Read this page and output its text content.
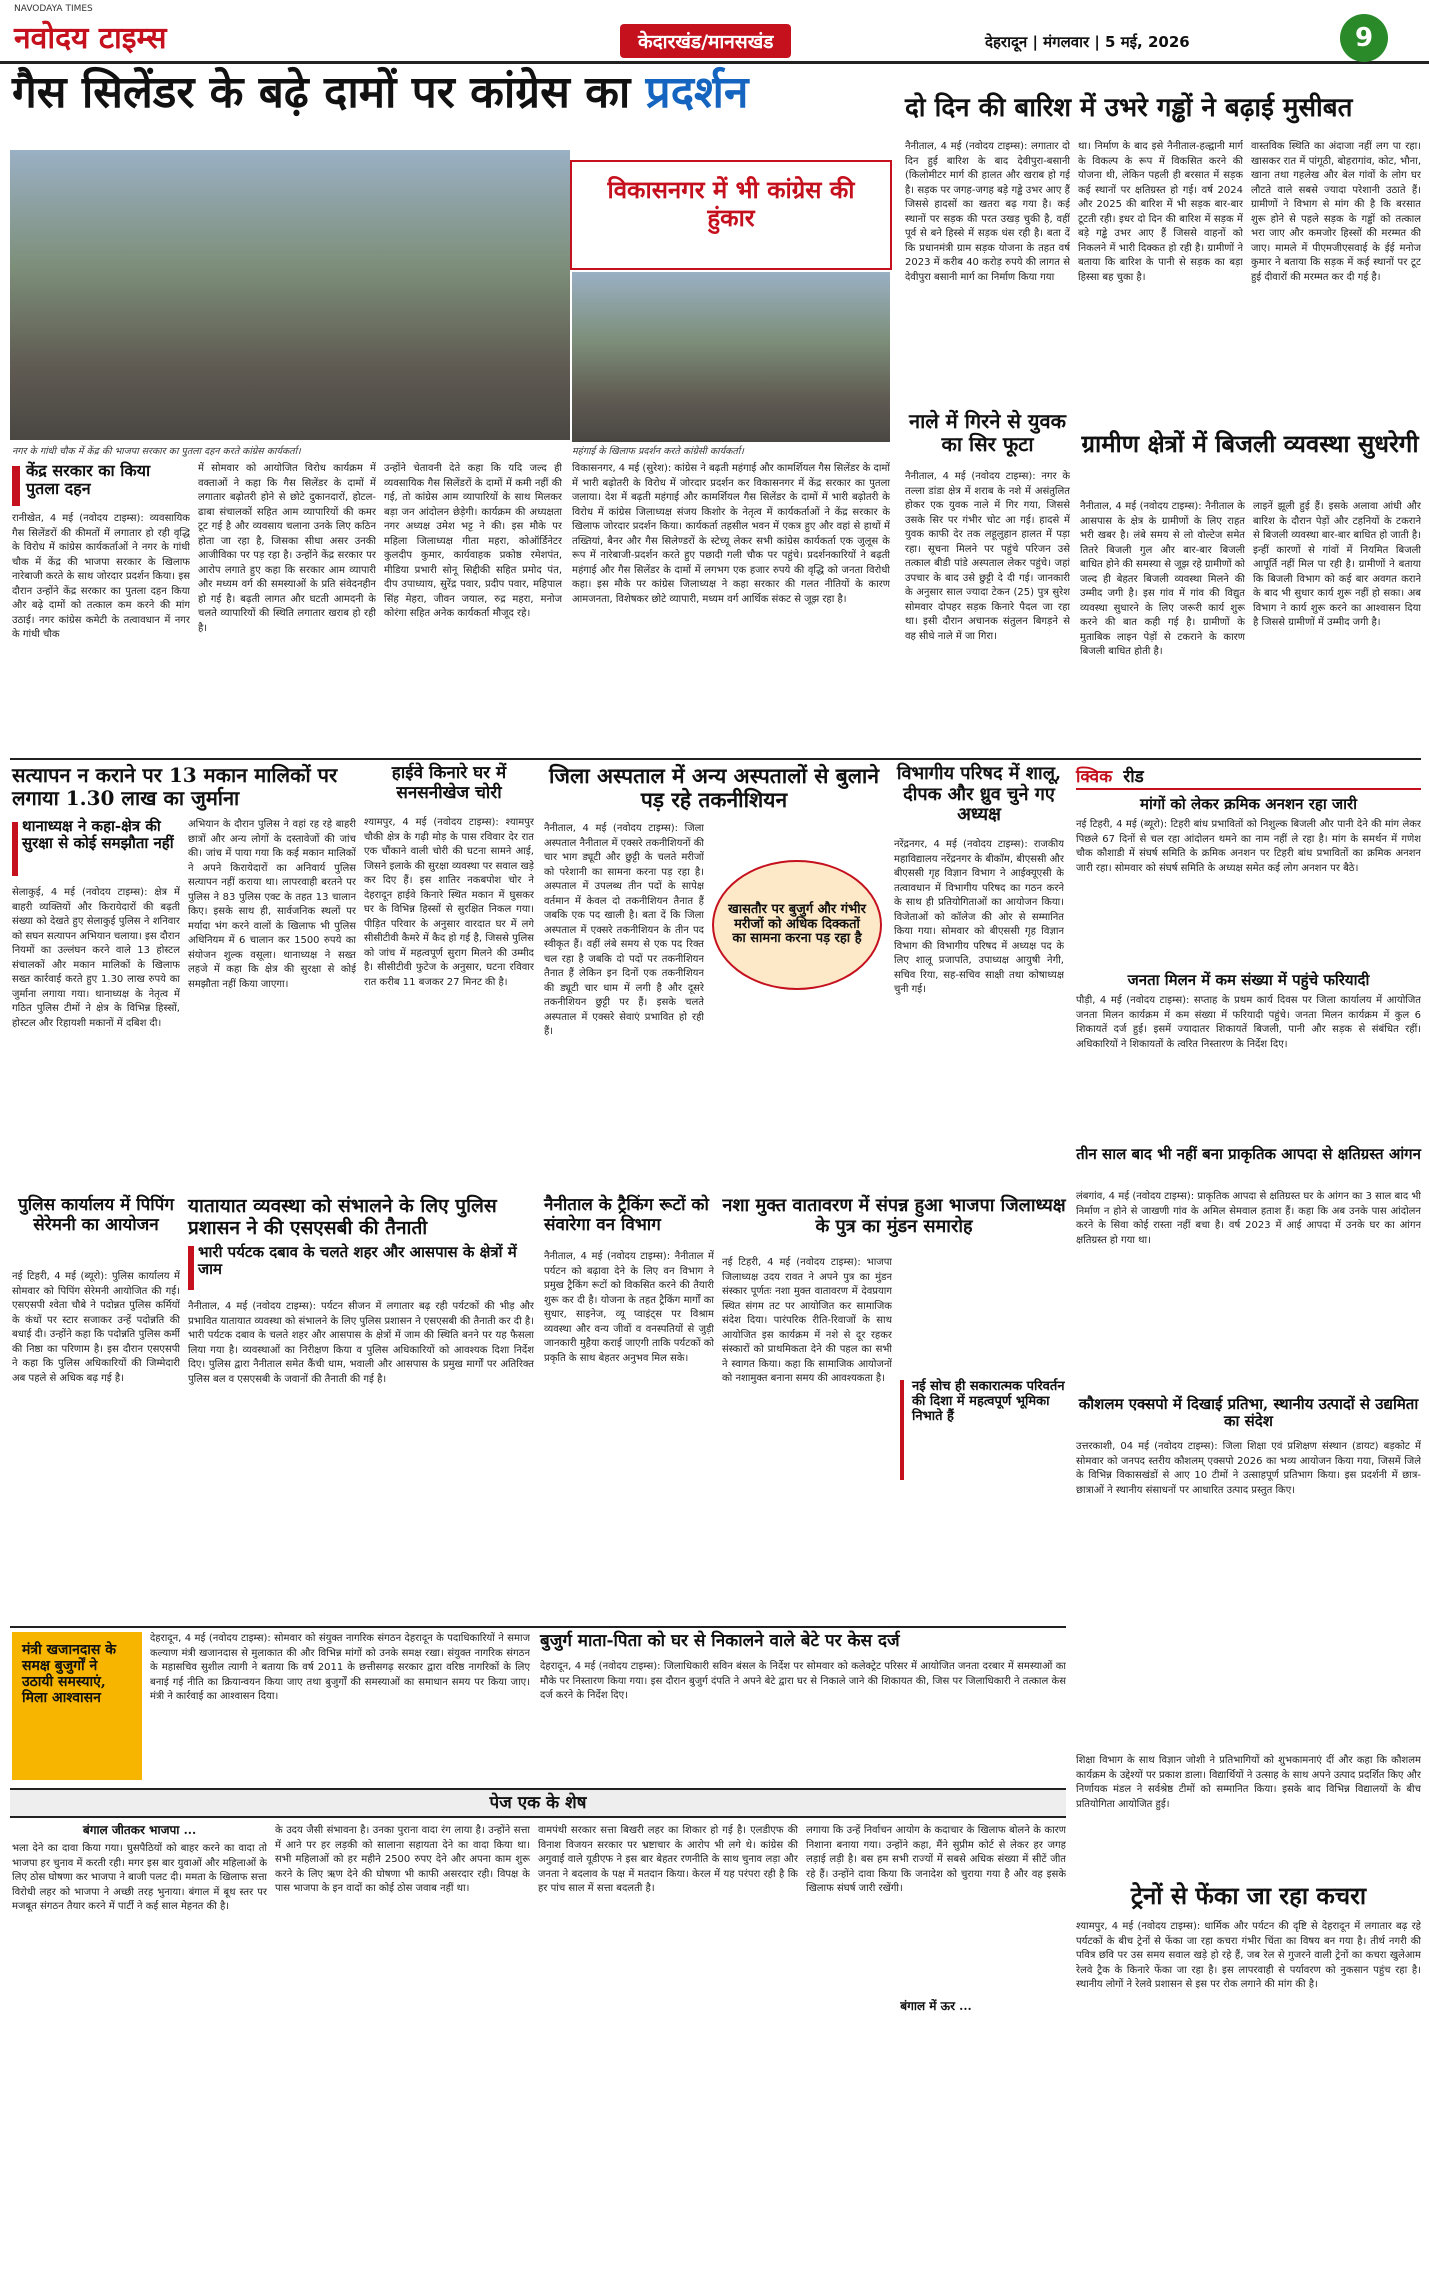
NAVODAYA TIMES
नवोदय टाइम्स	केदारखंड/मानसखंड	देहरादून | मंगलवार | 5 मई, 2026	9
गैस सिलेंडर के बढ़े दामों पर कांग्रेस का प्रदर्शन
नगर के गांधी चौक में केंद्र की भाजपा सरकार का पुतला दहन करते कांग्रेस कार्यकर्ता।
केंद्र सरकार का किया पुतला दहन
रानीखेत, 4 मई (नवोदय टाइम्स): व्यवसायिक गैस सिलेंडरों की कीमतों में लगातार हो रही वृद्धि के विरोध में कांग्रेस कार्यकर्ताओं ने नगर के गांधी चौक में केंद्र की भाजपा सरकार के खिलाफ नारेबाजी करते के साथ जोरदार प्रदर्शन किया। इस दौरान उन्होंने केंद्र सरकार का पुतला दहन किया और बढ़े दामों को तत्काल कम करने की मांग उठाई। नगर कांग्रेस कमेटी के तत्वावधान में नगर के गांधी चौक
में सोमवार को आयोजित विरोध कार्यक्रम में वक्ताओं ने कहा कि गैस सिलेंडर के दामों में लगातार बढ़ोतरी होने से छोटे दुकानदारों, होटल-ढाबा संचालकों सहित आम व्यापारियों की कमर टूट गई है और व्यवसाय चलाना उनके लिए कठिन होता जा रहा है, जिसका सीधा असर उनकी आजीविका पर पड़ रहा है। उन्होंने केंद्र सरकार पर आरोप लगाते हुए कहा कि सरकार आम व्यापारी और मध्यम वर्ग की समस्याओं के प्रति संवेदनहीन हो गई है। बढ़ती लागत और घटती आमदनी के चलते व्यापारियों की स्थिति लगातार खराब हो रही है।
उन्होंने चेतावनी देते कहा कि यदि जल्द ही व्यवसायिक गैस सिलेंडरों के दामों में कमी नहीं की गई, तो कांग्रेस आम व्यापारियों के साथ मिलकर बड़ा जन आंदोलन छेड़ेगी। कार्यक्रम की अध्यक्षता नगर अध्यक्ष उमेश भट्ट ने की। इस मौके पर महिला जिलाध्यक्ष गीता महरा, कोऑर्डिनेटर कुलदीप कुमार, कार्यवाहक प्रकोष्ठ रमेशपंत, मीडिया प्रभारी सोनू सिद्दीकी सहित प्रमोद पंत, दीप उपाध्याय, सुरेंद्र पवार, प्रदीप पवार, महिपाल सिंह मेहरा, जीवन जयाल, रुद्र महरा, मनोज कोरंगा सहित अनेक कार्यकर्ता मौजूद रहे।
विकासनगर में भी कांग्रेस की हुंकार
महंगाई के खिलाफ प्रदर्शन करते कांग्रेसी कार्यकर्ता।
विकासनगर, 4 मई (सुरेश): कांग्रेस ने बढ़ती महंगाई और कामर्शियल गैस सिलेंडर के दामों में भारी बढ़ोतरी के विरोध में जोरदार प्रदर्शन कर विकासनगर में केंद्र सरकार का पुतला जलाया। देश में बढ़ती महंगाई और कामर्शियल गैस सिलेंडर के दामों में भारी बढ़ोतरी के विरोध में कांग्रेस जिलाध्यक्ष संजय किशोर के नेतृत्व में कार्यकर्ताओं ने केंद्र सरकार के खिलाफ जोरदार प्रदर्शन किया। कार्यकर्ता तहसील भवन में एकत्र हुए और वहां से हाथों में तख्तियां, बैनर और गैस सिलेण्डरों के स्टेच्यू लेकर सभी कांग्रेस कार्यकर्ता एक जुलूस के रूप में नारेबाजी-प्रदर्शन करते हुए पछादी गली चौक पर पहुंचे। प्रदर्शनकारियों ने बढ़ती महंगाई और गैस सिलेंडर के दामों में लगभग एक हजार रुपये की वृद्धि को जनता विरोधी कहा। इस मौके पर कांग्रेस जिलाध्यक्ष ने कहा सरकार की गलत नीतियों के कारण आमजनता, विशेषकर छोटे व्यापारी, मध्यम वर्ग आर्थिक संकट से जूझ रहा है।
दो दिन की बारिश में उभरे गड्ढों ने बढ़ाई मुसीबत
नैनीताल, 4 मई (नवोदय टाइम्स): लगातार दो दिन हुई बारिश के बाद देवीपुरा-बसानी (किलोमीटर मार्ग की हालत और खराब हो गई है। सड़क पर जगह-जगह बड़े गड्ढे उभर आए हैं जिससे हादसों का खतरा बढ़ गया है। कई स्थानों पर सड़क की परत उखड़ चुकी है, वहीं पूर्व से बने हिस्से में सड़क धंस रही है। बता दें कि प्रधानमंत्री ग्राम सड़क योजना के तहत वर्ष 2023 में करीब 40 करोड़ रुपये की लागत से देवीपुरा बसानी मार्ग का निर्माण किया गया
था। निर्माण के बाद इसे नैनीताल-हल्द्वानी मार्ग के विकल्प के रूप में विकसित करने की योजना थी, लेकिन पहली ही बरसात में सड़क कई स्थानों पर क्षतिग्रस्त हो गई। वर्ष 2024 और 2025 की बारिश में भी सड़क बार-बार टूटती रही। इधर दो दिन की बारिश में सड़क में बड़े गड्ढे उभर आए हैं जिससे वाहनों को निकलने में भारी दिक्कत हो रही है। ग्रामीणों ने बताया कि बारिश के पानी से सड़क का बड़ा हिस्सा बह चुका है।
वास्तविक स्थिति का अंदाजा नहीं लग पा रहा। खासकर रात में पांगूठी, बोहरागांव, कोट, भौना, खाना तथा गहलेख और बेल गांवों के लोग घर लौटते वाले सबसे ज्यादा परेशानी उठाते हैं। ग्रामीणों ने विभाग से मांग की है कि बरसात शुरू होने से पहले सड़क के गड्ढों को तत्काल भरा जाए और कमजोर हिस्सों की मरम्मत की जाए। मामले में पीएमजीएसवाई के ईई मनोज कुमार ने बताया कि सड़क में कई स्थानों पर टूट हुई दीवारों की मरम्मत कर दी गई है।
नाले में गिरने से युवक का सिर फूटा
नैनीताल, 4 मई (नवोदय टाइम्स): नगर के तल्ला डांडा क्षेत्र में शराब के नशे में असंतुलित होकर एक युवक नाले में गिर गया, जिससे उसके सिर पर गंभीर चोट आ गई। हादसे में युवक काफी देर तक लहूलुहान हालत में पड़ा रहा। सूचना मिलने पर पहुंचे परिजन उसे तत्काल बीडी पांडे अस्पताल लेकर पहुंचे। जहां उपचार के बाद उसे छुट्टी दे दी गई। जानकारी के अनुसार साल ज्यादा टेकन (25) पुत्र सुरेश सोमवार दोपहर सड़क किनारे पैदल जा रहा था। इसी दौरान अचानक संतुलन बिगड़ने से वह सीधे नाले में जा गिरा।
ग्रामीण क्षेत्रों में बिजली व्यवस्था सुधरेगी
नैनीताल, 4 मई (नवोदय टाइम्स): नैनीताल के आसपास के क्षेत्र के ग्रामीणों के लिए राहत भरी खबर है। लंबे समय से लो वोल्टेज समेत तितरे बिजली गुल और बार-बार बिजली बाधित होने की समस्या से जूझ रहे ग्रामीणों को जल्द ही बेहतर बिजली व्यवस्था मिलने की उम्मीद जगी है। इस गांव में गांव की विद्युत व्यवस्था सुधारने के लिए जरूरी कार्य शुरू करने की बात कही गई है। ग्रामीणों के मुताबिक लाइन पेड़ों से टकराने के कारण बिजली बाधित होती है।
लाइनें झूली हुई हैं। इसके अलावा आंधी और बारिश के दौरान पेड़ों और टहनियों के टकराने से बिजली व्यवस्था बार-बार बाधित हो जाती है। इन्हीं कारणों से गांवों में नियमित बिजली आपूर्ति नहीं मिल पा रही है। ग्रामीणों ने बताया कि बिजली विभाग को कई बार अवगत कराने के बाद भी सुधार कार्य शुरू नहीं हो सका। अब विभाग ने कार्य शुरू करने का आश्वासन दिया है जिससे ग्रामीणों में उम्मीद जगी है।
सत्यापन न कराने पर 13 मकान मालिकों पर लगाया 1.30 लाख का जुर्माना
थानाध्यक्ष ने कहा-क्षेत्र की सुरक्षा से कोई समझौता नहीं
सेलाकुई, 4 मई (नवोदय टाइम्स): क्षेत्र में बाहरी व्यक्तियों और किरायेदारों की बढ़ती संख्या को देखते हुए सेलाकुई पुलिस ने शनिवार को सघन सत्यापन अभियान चलाया। इस दौरान नियमों का उल्लंघन करने वाले 13 होस्टल संचालकों और मकान मालिकों के खिलाफ सख्त कार्रवाई करते हुए 1.30 लाख रुपये का जुर्माना लगाया गया। थानाध्यक्ष के नेतृत्व में गठित पुलिस टीमों ने क्षेत्र के विभिन्न हिस्सों, होस्टल और रिहायशी मकानों में दबिश दी।
अभियान के दौरान पुलिस ने वहां रह रहे बाहरी छात्रों और अन्य लोगों के दस्तावेजों की जांच की। जांच में पाया गया कि कई मकान मालिकों ने अपने किरायेदारों का अनिवार्य पुलिस सत्यापन नहीं कराया था। लापरवाही बरतने पर पुलिस ने 83 पुलिस एक्ट के तहत 13 चालान किए। इसके साथ ही, सार्वजनिक स्थलों पर मर्यादा भंग करने वालों के खिलाफ भी पुलिस अधिनियम में 6 चालान कर 1500 रुपये का संयोजन शुल्क वसूला। थानाध्यक्ष ने सख्त लहजे में कहा कि क्षेत्र की सुरक्षा से कोई समझौता नहीं किया जाएगा।
हाईवे किनारे घर में सनसनीखेज चोरी
श्यामपुर, 4 मई (नवोदय टाइम्स): श्यामपुर चौकी क्षेत्र के गढ़ी मोड़ के पास रविवार देर रात एक चौंकाने वाली चोरी की घटना सामने आई, जिसने इलाके की सुरक्षा व्यवस्था पर सवाल खड़े कर दिए हैं। इस शातिर नकबपोश चोर ने देहरादून हाईवे किनारे स्थित मकान में घुसकर घर के विभिन्न हिस्सों से सुरक्षित निकल गया। पीड़ित परिवार के अनुसार वारदात घर में लगे सीसीटीवी कैमरे में कैद हो गई है, जिससे पुलिस को जांच में महत्वपूर्ण सुराग मिलने की उम्मीद है। सीसीटीवी फुटेज के अनुसार, घटना रविवार रात करीब 11 बजकर 27 मिनट की है।
जिला अस्पताल में अन्य अस्पतालों से बुलाने पड़ रहे तकनीशियन
नैनीताल, 4 मई (नवोदय टाइम्स): जिला अस्पताल नैनीताल में एक्सरे तकनीशियनों की चार भाग ड्यूटी और छुट्टी के चलते मरीजों को परेशानी का सामना करना पड़ रहा है। अस्पताल में उपलब्ध तीन पदों के सापेक्ष वर्तमान में केवल दो तकनीशियन तैनात हैं जबकि एक पद खाली है। बता दें कि जिला अस्पताल में एक्सरे तकनीशियन के तीन पद स्वीकृत हैं। वहीं लंबे समय से एक पद रिक्त चल रहा है जबकि दो पदों पर तकनीशियन तैनात हैं लेकिन इन दिनों एक तकनीशियन की ड्यूटी चार धाम में लगी है और दूसरे तकनीशियन छुट्टी पर हैं। इसके चलते अस्पताल में एक्सरे सेवाएं प्रभावित हो रही हैं।
खासतौर पर बुजुर्ग और गंभीर मरीजों को अधिक दिक्कतों का सामना करना पड़ रहा है
विभागीय परिषद में शालू, दीपक और ध्रुव चुने गए अध्यक्ष
नरेंद्रनगर, 4 मई (नवोदय टाइम्स): राजकीय महाविद्यालय नरेंद्रनगर के बीकॉम, बीएससी और बीएससी गृह विज्ञान विभाग ने आईक्यूएसी के तत्वावधान में विभागीय परिषद का गठन करने के साथ ही प्रतियोगिताओं का आयोजन किया। विजेताओं को कॉलेज की ओर से सम्मानित किया गया। सोमवार को बीएससी गृह विज्ञान विभाग की विभागीय परिषद में अध्यक्ष पद के लिए शालू प्रजापति, उपाध्यक्ष आयुषी नेगी, सचिव रिया, सह-सचिव साक्षी तथा कोषाध्यक्ष चुनी गई।
क्विक रीड
मांगों को लेकर क्रमिक अनशन रहा जारी
नई टिहरी, 4 मई (ब्यूरो): टिहरी बांध प्रभावितों को निशुल्क बिजली और पानी देने की मांग लेकर पिछले 67 दिनों से चल रहा आंदोलन थमने का नाम नहीं ले रहा है। मांग के समर्थन में गणेश चौक कौशाडी में संघर्ष समिति के क्रमिक अनशन पर टिहरी बांध प्रभावितों का क्रमिक अनशन जारी रहा। सोमवार को संघर्ष समिति के अध्यक्ष समेत कई लोग अनशन पर बैठे।
जनता मिलन में कम संख्या में पहुंचे फरियादी
पौड़ी, 4 मई (नवोदय टाइम्स): सप्ताह के प्रथम कार्य दिवस पर जिला कार्यालय में आयोजित जनता मिलन कार्यक्रम में कम संख्या में फरियादी पहुंचे। जनता मिलन कार्यक्रम में कुल 6 शिकायतें दर्ज हुई। इसमें ज्यादातर शिकायतें बिजली, पानी और सड़क से संबंधित रहीं। अधिकारियों ने शिकायतों के त्वरित निस्तारण के निर्देश दिए।
तीन साल बाद भी नहीं बना प्राकृतिक आपदा से क्षतिग्रस्त आंगन
लंबगांव, 4 मई (नवोदय टाइम्स): प्राकृतिक आपदा से क्षतिग्रस्त घर के आंगन का 3 साल बाद भी निर्माण न होने से जाखणी गांव के अमिल सेमवाल हताश हैं। कहा कि अब उनके पास आंदोलन करने के सिवा कोई रास्ता नहीं बचा है। वर्ष 2023 में आई आपदा में उनके घर का आंगन क्षतिग्रस्त हो गया था।
कौशलम एक्सपो में दिखाई प्रतिभा, स्थानीय उत्पादों से उद्यमिता का संदेश
उत्तरकाशी, 04 मई (नवोदय टाइम्स): जिला शिक्षा एवं प्रशिक्षण संस्थान (डायट) बड़कोट में सोमवार को जनपद स्तरीय कौशलम् एक्सपो 2026 का भव्य आयोजन किया गया, जिसमें जिले के विभिन्न विकासखंडों से आए 10 टीमों ने उत्साहपूर्ण प्रतिभाग किया। इस प्रदर्शनी में छात्र-छात्राओं ने स्थानीय संसाधनों पर आधारित उत्पाद प्रस्तुत किए।
पुलिस कार्यालय में पिपिंग सेरेमनी का आयोजन
नई टिहरी, 4 मई (ब्यूरो): पुलिस कार्यालय में सोमवार को पिपिंग सेरेमनी आयोजित की गई। एसएसपी श्वेता चौबे ने पदोन्नत पुलिस कर्मियों के कंधों पर स्टार सजाकर उन्हें पदोन्नति की बधाई दी। उन्होंने कहा कि पदोन्नति पुलिस कर्मी की निष्ठा का परिणाम है। इस दौरान एसएसपी ने कहा कि पुलिस अधिकारियों की जिम्मेदारी अब पहले से अधिक बढ़ गई है।
यातायात व्यवस्था को संभालने के लिए पुलिस प्रशासन ने की एसएसबी की तैनाती
भारी पर्यटक दबाव के चलते शहर और आसपास के क्षेत्रों में जाम
नैनीताल, 4 मई (नवोदय टाइम्स): पर्यटन सीजन में लगातार बढ़ रही पर्यटकों की भीड़ और प्रभावित यातायात व्यवस्था को संभालने के लिए पुलिस प्रशासन ने एसएसबी की तैनाती कर दी है। भारी पर्यटक दबाव के चलते शहर और आसपास के क्षेत्रों में जाम की स्थिति बनने पर यह फैसला लिया गया है। व्यवस्थाओं का निरीक्षण किया व पुलिस अधिकारियों को आवश्यक दिशा निर्देश दिए। पुलिस द्वारा नैनीताल समेत कैंची धाम, भवाली और आसपास के प्रमुख मार्गों पर अतिरिक्त पुलिस बल व एसएसबी के जवानों की तैनाती की गई है।
नैनीताल के ट्रैकिंग रूटों को संवारेगा वन विभाग
नैनीताल, 4 मई (नवोदय टाइम्स): नैनीताल में पर्यटन को बढ़ावा देने के लिए वन विभाग ने प्रमुख ट्रैकिंग रूटों को विकसित करने की तैयारी शुरू कर दी है। योजना के तहत ट्रैकिंग मार्गों का सुधार, साइनेज, व्यू प्वाइंट्स पर विश्राम व्यवस्था और वन्य जीवों व वनस्पतियों से जुड़ी जानकारी मुहैया कराई जाएगी ताकि पर्यटकों को प्रकृति के साथ बेहतर अनुभव मिल सके।
नशा मुक्त वातावरण में संपन्न हुआ भाजपा जिलाध्यक्ष के पुत्र का मुंडन समारोह
नई टिहरी, 4 मई (नवोदय टाइम्स): भाजपा जिलाध्यक्ष उदय रावत ने अपने पुत्र का मुंडन संस्कार पूर्णतः नशा मुक्त वातावरण में देवप्रयाग स्थित संगम तट पर आयोजित कर सामाजिक संदेश दिया। पारंपरिक रीति-रिवाजों के साथ आयोजित इस कार्यक्रम में नशे से दूर रहकर संस्कारों को प्राथमिकता देने की पहल का सभी ने स्वागत किया। कहा कि सामाजिक आयोजनों को नशामुक्त बनाना समय की आवश्यकता है।
नई सोच ही सकारात्मक परिवर्तन की दिशा में महत्वपूर्ण भूमिका निभाते हैं
मंत्री खजानदास के समक्ष बुजुर्गों ने उठायी समस्याएं, मिला आश्वासन
देहरादून, 4 मई (नवोदय टाइम्स): सोमवार को संयुक्त नागरिक संगठन देहरादून के पदाधिकारियों ने समाज कल्याण मंत्री खजानदास से मुलाकात की और विभिन्न मांगों को उनके समक्ष रखा। संयुक्त नागरिक संगठन के महासचिव सुशील त्यागी ने बताया कि वर्ष 2011 के छत्तीसगढ़ सरकार द्वारा वरिष्ठ नागरिकों के लिए बनाई गई नीति का क्रियान्वयन किया जाए तथा बुजुर्गों की समस्याओं का समाधान समय पर किया जाए। मंत्री ने कार्रवाई का आश्वासन दिया।
बुजुर्ग माता-पिता को घर से निकालने वाले बेटे पर केस दर्ज
देहरादून, 4 मई (नवोदय टाइम्स): जिलाधिकारी सविन बंसल के निर्देश पर सोमवार को कलेक्ट्रेट परिसर में आयोजित जनता दरबार में समस्याओं का मौके पर निस्तारण किया गया। इस दौरान बुजुर्ग दंपति ने अपने बेटे द्वारा घर से निकाले जाने की शिकायत की, जिस पर जिलाधिकारी ने तत्काल केस दर्ज करने के निर्देश दिए।
पेज एक के शेष
बंगाल जीतकर भाजपा ...
भला देने का दावा किया गया। घुसपैठियों को बाहर करने का वादा तो भाजपा हर चुनाव में करती रही। मगर इस बार युवाओं और महिलाओं के लिए ठोस घोषणा कर भाजपा ने बाजी पलट दी। ममता के खिलाफ सत्ता विरोधी लहर को भाजपा ने अच्छी तरह भुनाया। बंगाल में बूथ स्तर पर मजबूत संगठन तैयार करने में पार्टी ने कई साल मेहनत की है।
के उदय जैसी संभावना है। उनका पुराना वादा रंग लाया है। उन्होंने सत्ता में आने पर हर लड़की को सालाना सहायता देने का वादा किया था। सभी महिलाओं को हर महीने 2500 रुपए देने और अपना काम शुरू करने के लिए ऋण देने की घोषणा भी काफी असरदार रही। विपक्ष के पास भाजपा के इन वादों का कोई ठोस जवाब नहीं था।
वामपंथी सरकार सत्ता बिखरी लहर का शिकार हो गई है। एलडीएफ की विनाश विजयन सरकार पर भ्रष्टाचार के आरोप भी लगे थे। कांग्रेस की अगुवाई वाले यूडीएफ ने इस बार बेहतर रणनीति के साथ चुनाव लड़ा और जनता ने बदलाव के पक्ष में मतदान किया। केरल में यह परंपरा रही है कि हर पांच साल में सत्ता बदलती है।
लगाया कि उन्हें निर्वाचन आयोग के कदाचार के खिलाफ बोलने के कारण निशाना बनाया गया। उन्होंने कहा, मैंने सुप्रीम कोर्ट से लेकर हर जगह लड़ाई लड़ी है। बस हम सभी राज्यों में सबसे अधिक संख्या में सीटें जीत रहे हैं। उन्होंने दावा किया कि जनादेश को चुराया गया है और वह इसके खिलाफ संघर्ष जारी रखेंगी।
बंगाल में ऊर ...
शिक्षा विभाग के साथ विज्ञान जोशी ने प्रतिभागियों को शुभकामनाएं दीं और कहा कि कौशलम कार्यक्रम के उद्देश्यों पर प्रकाश डाला। विद्यार्थियों ने उत्साह के साथ अपने उत्पाद प्रदर्शित किए और निर्णायक मंडल ने सर्वश्रेष्ठ टीमों को सम्मानित किया। इसके बाद विभिन्न विद्यालयों के बीच प्रतियोगिता आयोजित हुई।
ट्रेनों से फेंका जा रहा कचरा
श्यामपुर, 4 मई (नवोदय टाइम्स): धार्मिक और पर्यटन की दृष्टि से देहरादून में लगातार बढ़ रहे पर्यटकों के बीच ट्रेनों से फेंका जा रहा कचरा गंभीर चिंता का विषय बन गया है। तीर्थ नगरी की पवित्र छवि पर उस समय सवाल खड़े हो रहे हैं, जब रेल से गुजरने वाली ट्रेनों का कचरा खुलेआम रेलवे ट्रैक के किनारे फेंका जा रहा है। इस लापरवाही से पर्यावरण को नुकसान पहुंच रहा है। स्थानीय लोगों ने रेलवे प्रशासन से इस पर रोक लगाने की मांग की है।
